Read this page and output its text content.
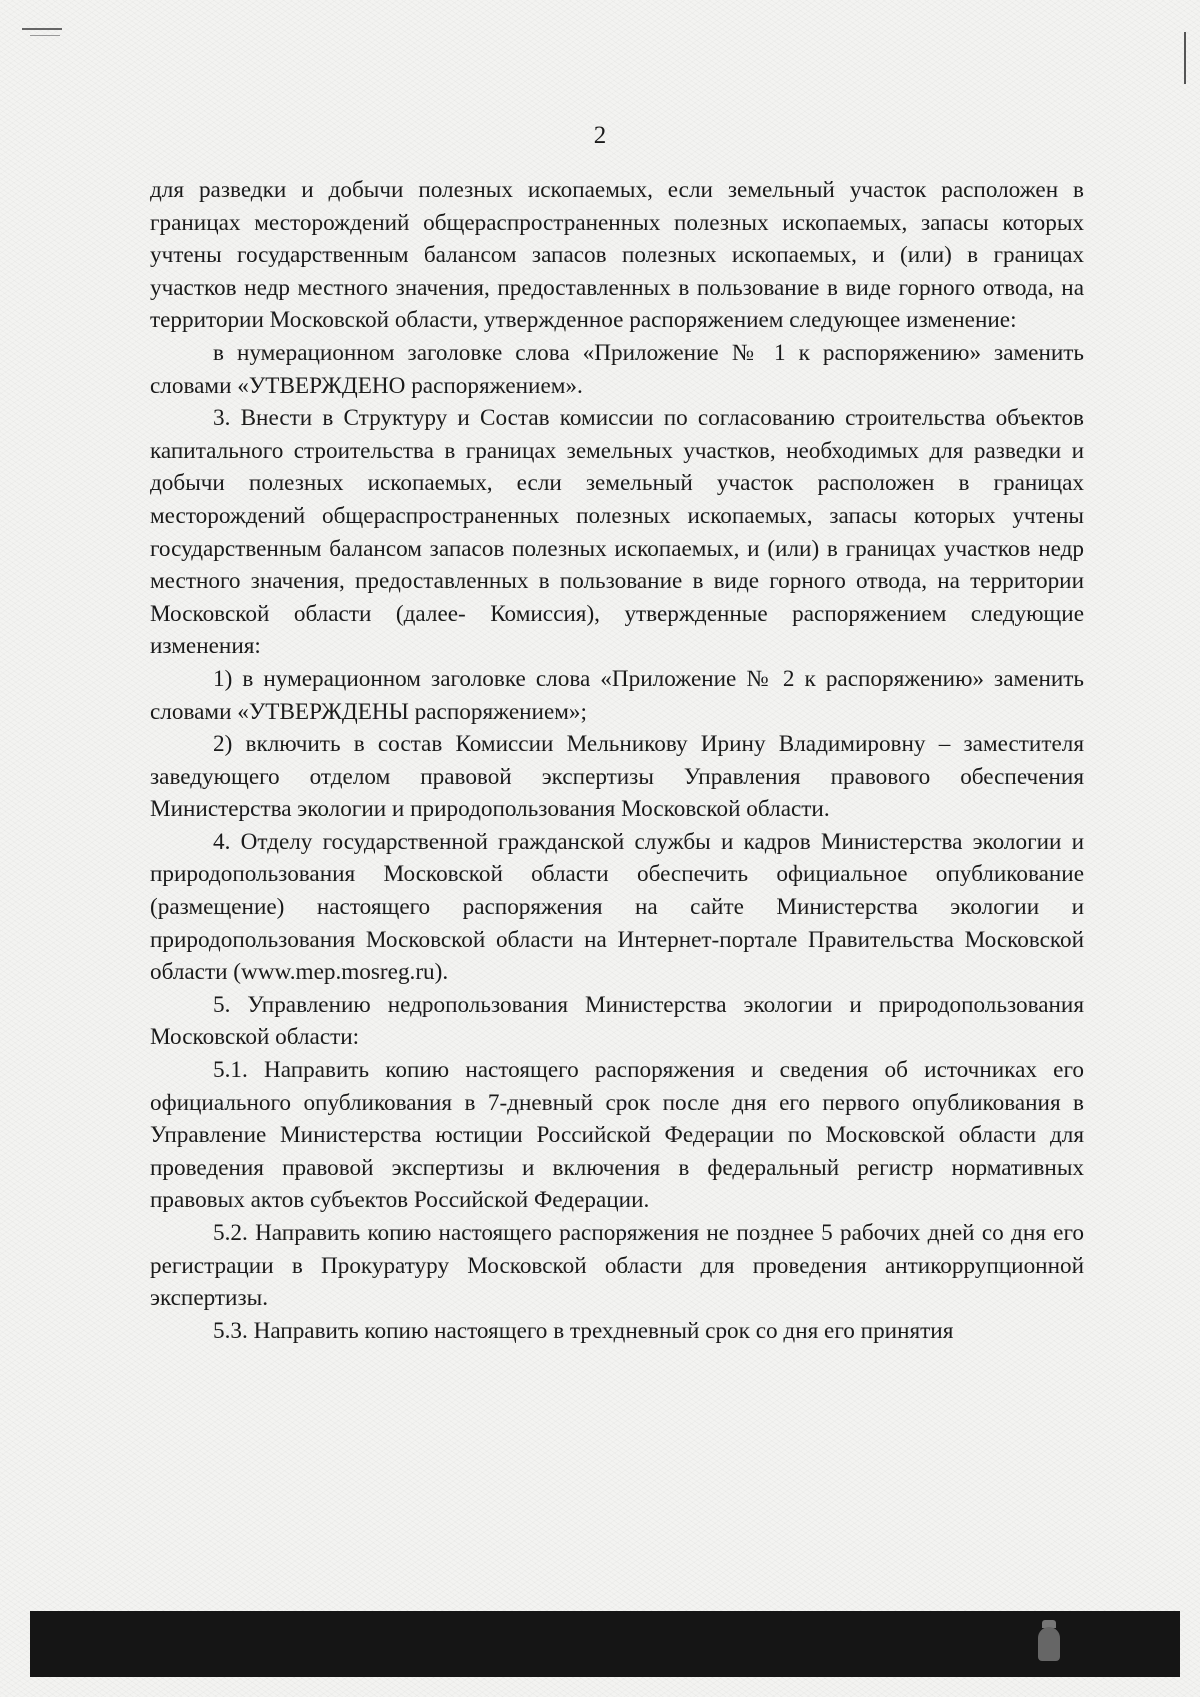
2

для разведки и добычи полезных ископаемых, если земельный участок расположен в границах месторождений общераспространенных полезных ископаемых, запасы которых учтены государственным балансом запасов полезных ископаемых, и (или) в границах участков недр местного значения, предоставленных в пользование в виде горного отвода, на территории Московской области, утвержденное распоряжением следующее изменение:

в нумерационном заголовке слова «Приложение № 1 к распоряжению» заменить словами «УТВЕРЖДЕНО распоряжением».

3. Внести в Структуру и Состав комиссии по согласованию строительства объектов капитального строительства в границах земельных участков, необходимых для разведки и добычи полезных ископаемых, если земельный участок расположен в границах месторождений общераспространенных полезных ископаемых, запасы которых учтены государственным балансом запасов полезных ископаемых, и (или) в границах участков недр местного значения, предоставленных в пользование в виде горного отвода, на территории Московской области (далее- Комиссия), утвержденные распоряжением следующие изменения:

1) в нумерационном заголовке слова «Приложение № 2 к распоряжению» заменить словами «УТВЕРЖДЕНЫ распоряжением»;

2) включить в состав Комиссии Мельникову Ирину Владимировну – заместителя заведующего отделом правовой экспертизы Управления правового обеспечения Министерства экологии и природопользования Московской области.

4. Отделу государственной гражданской службы и кадров Министерства экологии и природопользования Московской области обеспечить официальное опубликование (размещение) настоящего распоряжения на сайте Министерства экологии и природопользования Московской области на Интернет-портале Правительства Московской области (www.mep.mosreg.ru).

5. Управлению недропользования Министерства экологии и природопользования Московской области:

5.1. Направить копию настоящего распоряжения и сведения об источниках его официального опубликования в 7-дневный срок после дня его первого опубликования в Управление Министерства юстиции Российской Федерации по Московской области для проведения правовой экспертизы и включения в федеральный регистр нормативных правовых актов субъектов Российской Федерации.

5.2. Направить копию настоящего распоряжения не позднее 5 рабочих дней со дня его регистрации в Прокуратуру Московской области для проведения антикоррупционной экспертизы.

5.3. Направить копию настоящего в трехдневный срок со дня его принятия
